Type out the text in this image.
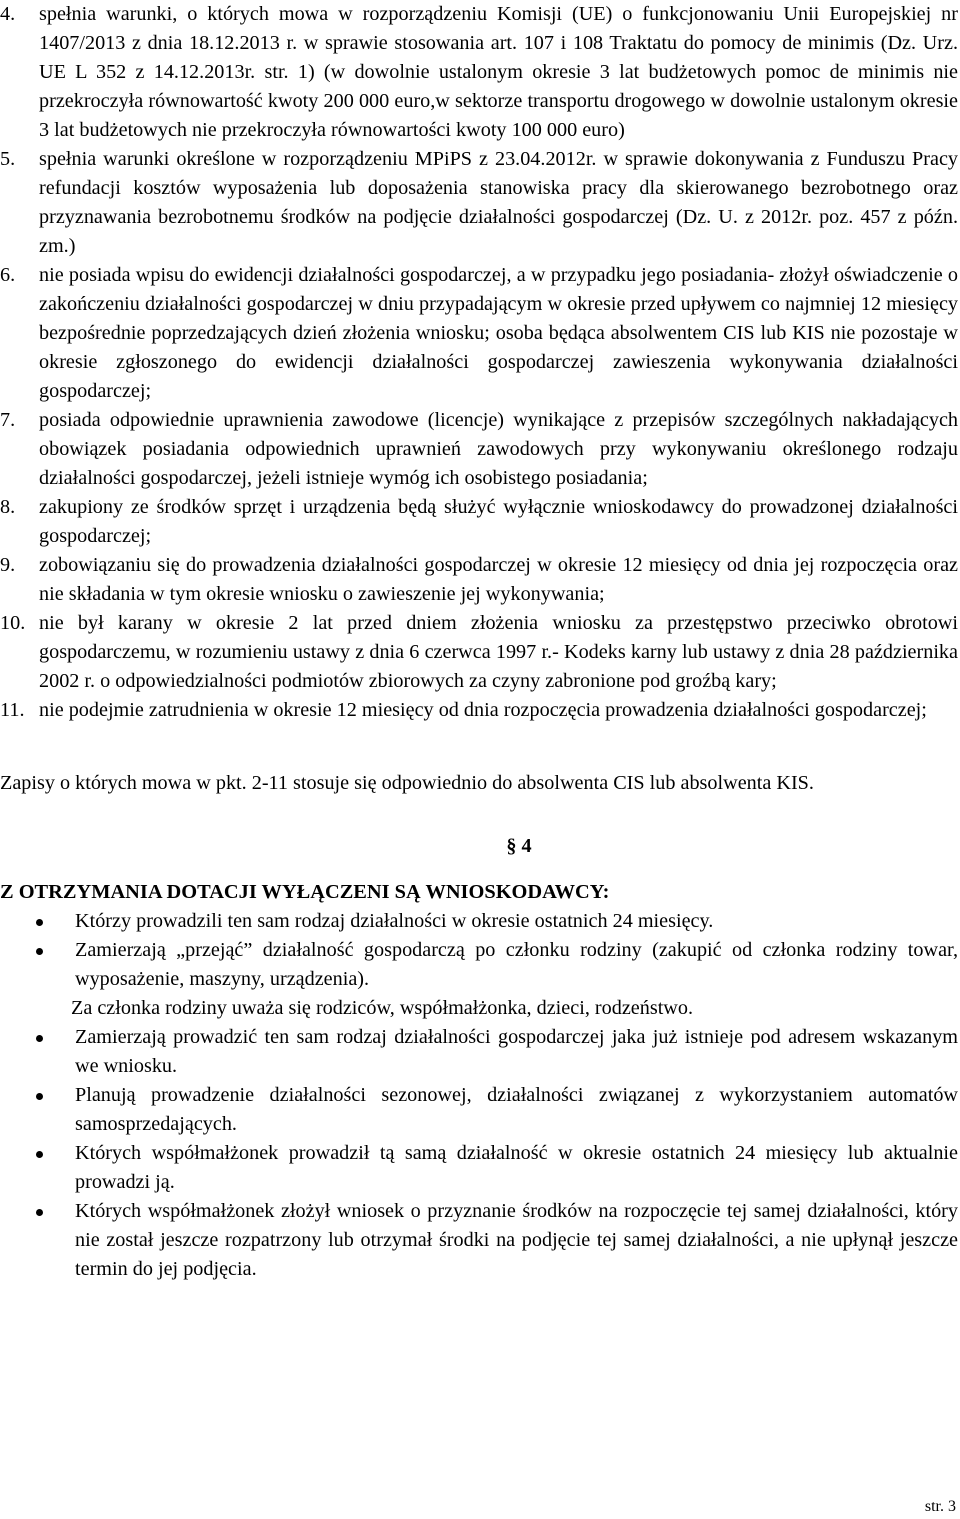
4. spełnia warunki, o których mowa w rozporządzeniu Komisji (UE) o funkcjonowaniu Unii Europejskiej nr 1407/2013 z dnia 18.12.2013 r. w sprawie stosowania art. 107 i 108 Traktatu do pomocy de minimis (Dz. Urz. UE L 352 z 14.12.2013r. str. 1) (w dowolnie ustalonym okresie 3 lat budżetowych pomoc de minimis nie przekroczyła równowartość kwoty 200 000 euro,w sektorze transportu drogowego w dowolnie ustalonym okresie 3 lat budżetowych nie przekroczyła równowartości kwoty 100 000 euro)
5. spełnia warunki określone w rozporządzeniu MPiPS z 23.04.2012r. w sprawie dokonywania z Funduszu Pracy refundacji kosztów wyposażenia lub doposażenia stanowiska pracy dla skierowanego bezrobotnego oraz przyznawania bezrobotnemu środków na podjęcie działalności gospodarczej (Dz. U. z 2012r. poz. 457 z późn. zm.)
6. nie posiada wpisu do ewidencji działalności gospodarczej, a w przypadku jego posiadania- złożył oświadczenie o zakończeniu działalności gospodarczej w dniu przypadającym w okresie przed upływem co najmniej 12 miesięcy bezpośrednie poprzedzających dzień złożenia wniosku; osoba będąca absolwentem CIS lub KIS nie pozostaje w okresie zgłoszonego do ewidencji działalności gospodarczej zawieszenia wykonywania działalności gospodarczej;
7. posiada odpowiednie uprawnienia zawodowe (licencje) wynikające z przepisów szczególnych nakładających obowiązek posiadania odpowiednich uprawnień zawodowych przy wykonywaniu określonego rodzaju działalności gospodarczej, jeżeli istnieje wymóg ich osobistego posiadania;
8. zakupiony ze środków sprzęt i urządzenia będą służyć wyłącznie wnioskodawcy do prowadzonej działalności gospodarczej;
9. zobowiązaniu się do prowadzenia działalności gospodarczej w okresie 12 miesięcy od dnia jej rozpoczęcia oraz nie składania w tym okresie wniosku o zawieszenie jej wykonywania;
10. nie był karany w okresie 2 lat przed dniem złożenia wniosku za przestępstwo przeciwko obrotowi gospodarczemu, w rozumieniu ustawy z dnia 6 czerwca 1997 r.- Kodeks karny lub ustawy z dnia 28 października 2002 r. o odpowiedzialności podmiotów zbiorowych za czyny zabronione pod groźbą kary;
11. nie podejmie zatrudnienia w okresie 12 miesięcy od dnia rozpoczęcia prowadzenia działalności gospodarczej;

Zapisy o których mowa w pkt. 2-11 stosuje się odpowiednio do absolwenta CIS lub absolwenta KIS.

§ 4
Z OTRZYMANIA DOTACJI WYŁĄCZENI SĄ WNIOSKODAWCY:
Którzy prowadzili ten sam rodzaj działalności w okresie ostatnich 24 miesięcy.
Zamierzają „przejąć” działalność gospodarczą po członku rodziny (zakupić od członka rodziny towar, wyposażenie, maszyny, urządzenia).
Za członka rodziny uważa się rodziców, współmałżonka, dzieci, rodzeństwo.
Zamierzają prowadzić ten sam rodzaj działalności gospodarczej jaka już istnieje pod adresem wskazanym we wniosku.
Planują prowadzenie działalności sezonowej, działalności związanej z wykorzystaniem automatów samosprzedających.
Których współmałżonek prowadził tą samą działalność w okresie ostatnich 24 miesięcy lub aktualnie prowadzi ją.
Których współmałżonek złożył wniosek o przyznanie środków na rozpoczęcie tej samej działalności, który nie został jeszcze rozpatrzony lub otrzymał środki na podjęcie tej samej działalności, a nie upłynął jeszcze termin do jej podjęcia.
str. 3
